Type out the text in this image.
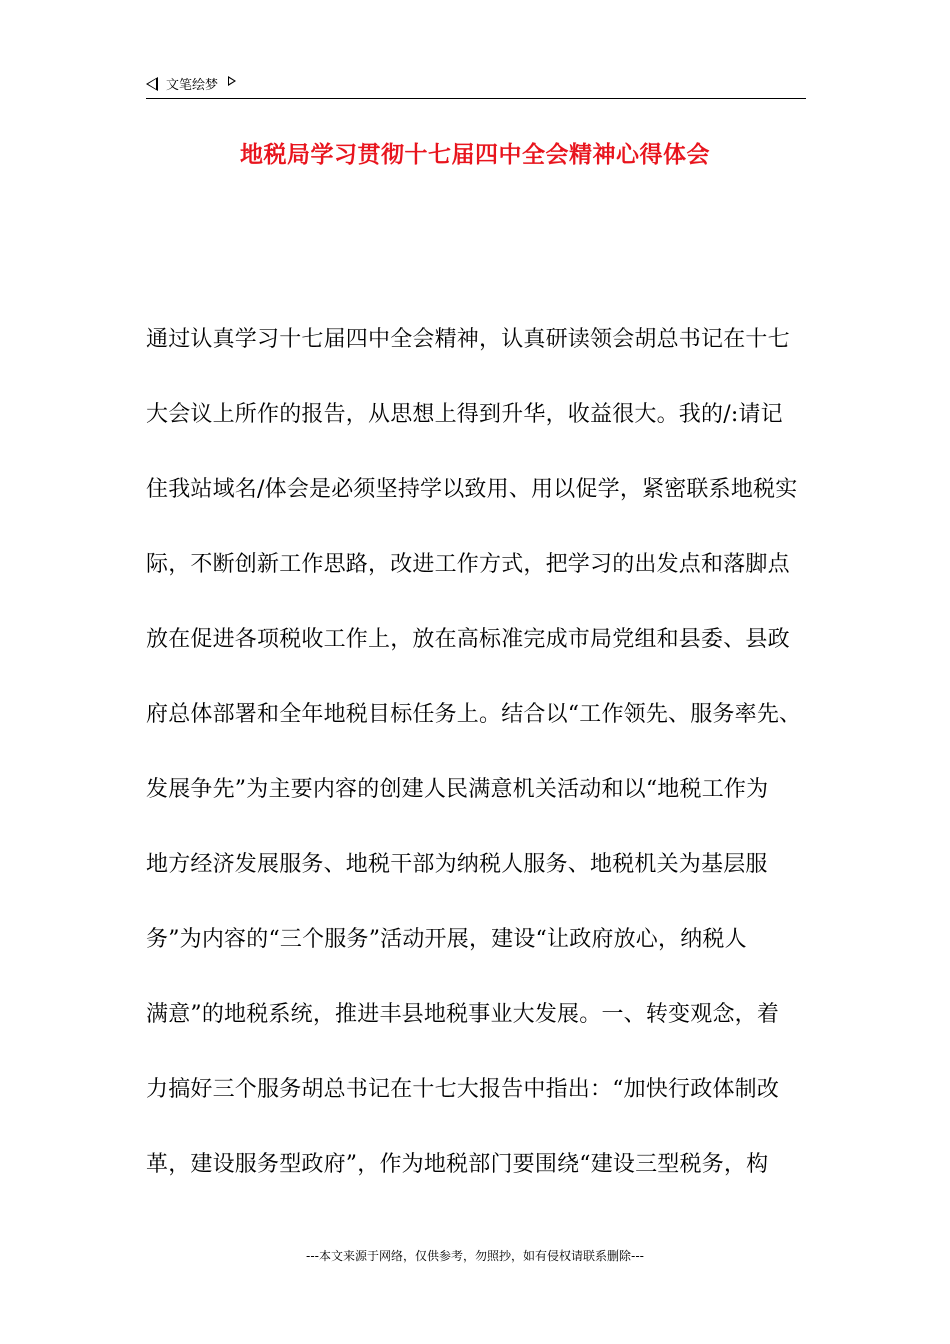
文笔绘梦
地税局学习贯彻十七届四中全会精神心得体会
通过认真学习十七届四中全会精神，认真研读领会胡总书记在十七
大会议上所作的报告，从思想上得到升华，收益很大。我的/:请记
住我站域名/体会是必须坚持学以致用、用以促学，紧密联系地税实
际，不断创新工作思路，改进工作方式，把学习的出发点和落脚点
放在促进各项税收工作上，放在高标准完成市局党组和县委、县政
府总体部署和全年地税目标任务上。结合以“工作领先、服务率先、
发展争先”为主要内容的创建人民满意机关活动和以“地税工作为
地方经济发展服务、地税干部为纳税人服务、地税机关为基层服
务”为内容的“三个服务”活动开展，建设“让政府放心，纳税人
满意”的地税系统，推进丰县地税事业大发展。一、转变观念，着
力搞好三个服务胡总书记在十七大报告中指出：“加快行政体制改
革，建设服务型政府”，作为地税部门要围绕“建设三型税务，构
---本文来源于网络，仅供参考，勿照抄，如有侵权请联系删除---
